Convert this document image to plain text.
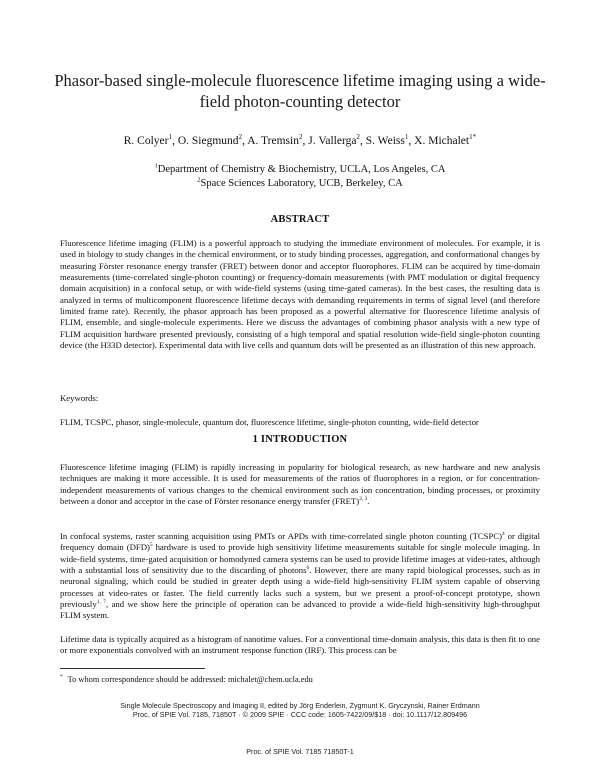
Phasor-based single-molecule fluorescence lifetime imaging using a wide-field photon-counting detector
R. Colyer$^1$, O. Siegmund$^2$, A. Tremsin$^2$, J. Vallerga$^2$, S. Weiss$^1$, X. Michalet$^{1*}$
$^1$Department of Chemistry & Biochemistry, UCLA, Los Angeles, CA
$^2$Space Sciences Laboratory, UCB, Berkeley, CA
ABSTRACT

Fluorescence lifetime imaging (FLIM) is a powerful approach to studying the immediate environment of molecules. For example, it is used in biology to study changes in the chemical environment, or to study binding processes, aggregation, and conformational changes by measuring Förster resonance energy transfer (FRET) between donor and acceptor fluorophores. FLIM can be acquired by time-domain measurements (time-correlated single-photon counting) or frequency-domain measurements (with PMT modulation or digital frequency domain acquisition) in a confocal setup, or with wide-field systems (using time-gated cameras). In the best cases, the resulting data is analyzed in terms of multicomponent fluorescence lifetime decays with demanding requirements in terms of signal level (and therefore limited frame rate). Recently, the phasor approach has been proposed as a powerful alternative for fluorescence lifetime analysis of FLIM, ensemble, and single-molecule experiments. Here we discuss the advantages of combining phasor analysis with a new type of FLIM acquisition hardware presented previously, consisting of a high temporal and spatial resolution wide-field single-photon counting device (the H33D detector). Experimental data with live cells and quantum dots will be presented as an illustration of this new approach.

Keywords:

FLIM, TCSPC, phasor, single-molecule, quantum dot, fluorescence lifetime, single-photon counting, wide-field detector

1 INTRODUCTION

Fluorescence lifetime imaging (FLIM) is rapidly increasing in popularity for biological research, as new hardware and new analysis techniques are making it more accessible. It is used for measurements of the ratios of fluorophores in a region, or for concentration-independent measurements of various changes to the chemical environment such as ion concentration, binding processes, or proximity between a donor and acceptor in the case of Förster resonance energy transfer (FRET)$^{2, 3}$.

In confocal systems, raster scanning acquisition using PMTs or APDs with time-correlated single photon counting (TCSPC)$^4$ or digital frequency domain (DFD)$^5$ hardware is used to provide high sensitivity lifetime measurements suitable for single molecule imaging. In wide-field systems, time-gated acquisition or homodyned camera systems can be used to provide lifetime images at video-rates, although with a substantial loss of sensitivity due to the discarding of photons$^6$. However, there are many rapid biological processes, such as in neuronal signaling, which could be studied in greater depth using a wide-field high-sensitivity FLIM system capable of observing processes at video-rates or faster. The field currently lacks such a system, but we present a proof-of-concept prototype, shown previously$^{1, 7}$, and we show here the principle of operation can be advanced to provide a wide-field high-sensitivity high-throughput FLIM system.

Lifetime data is typically acquired as a histogram of nanotime values. For a conventional time-domain analysis, this data is then fit to one or more exponentials convolved with an instrument response function (IRF). This process can be

* To whom correspondence should be addressed: michalet@chem.ucla.edu
Single Molecule Spectroscopy and Imaging II, edited by Jörg Enderlein, Zygmunt K. Gryczynski, Rainer Erdmann
Proc. of SPIE Vol. 7185, 71850T · © 2009 SPIE · CCC code: 1605-7422/09/$18 · doi: 10.1117/12.809496
Proc. of SPIE Vol. 7185 71850T-1
